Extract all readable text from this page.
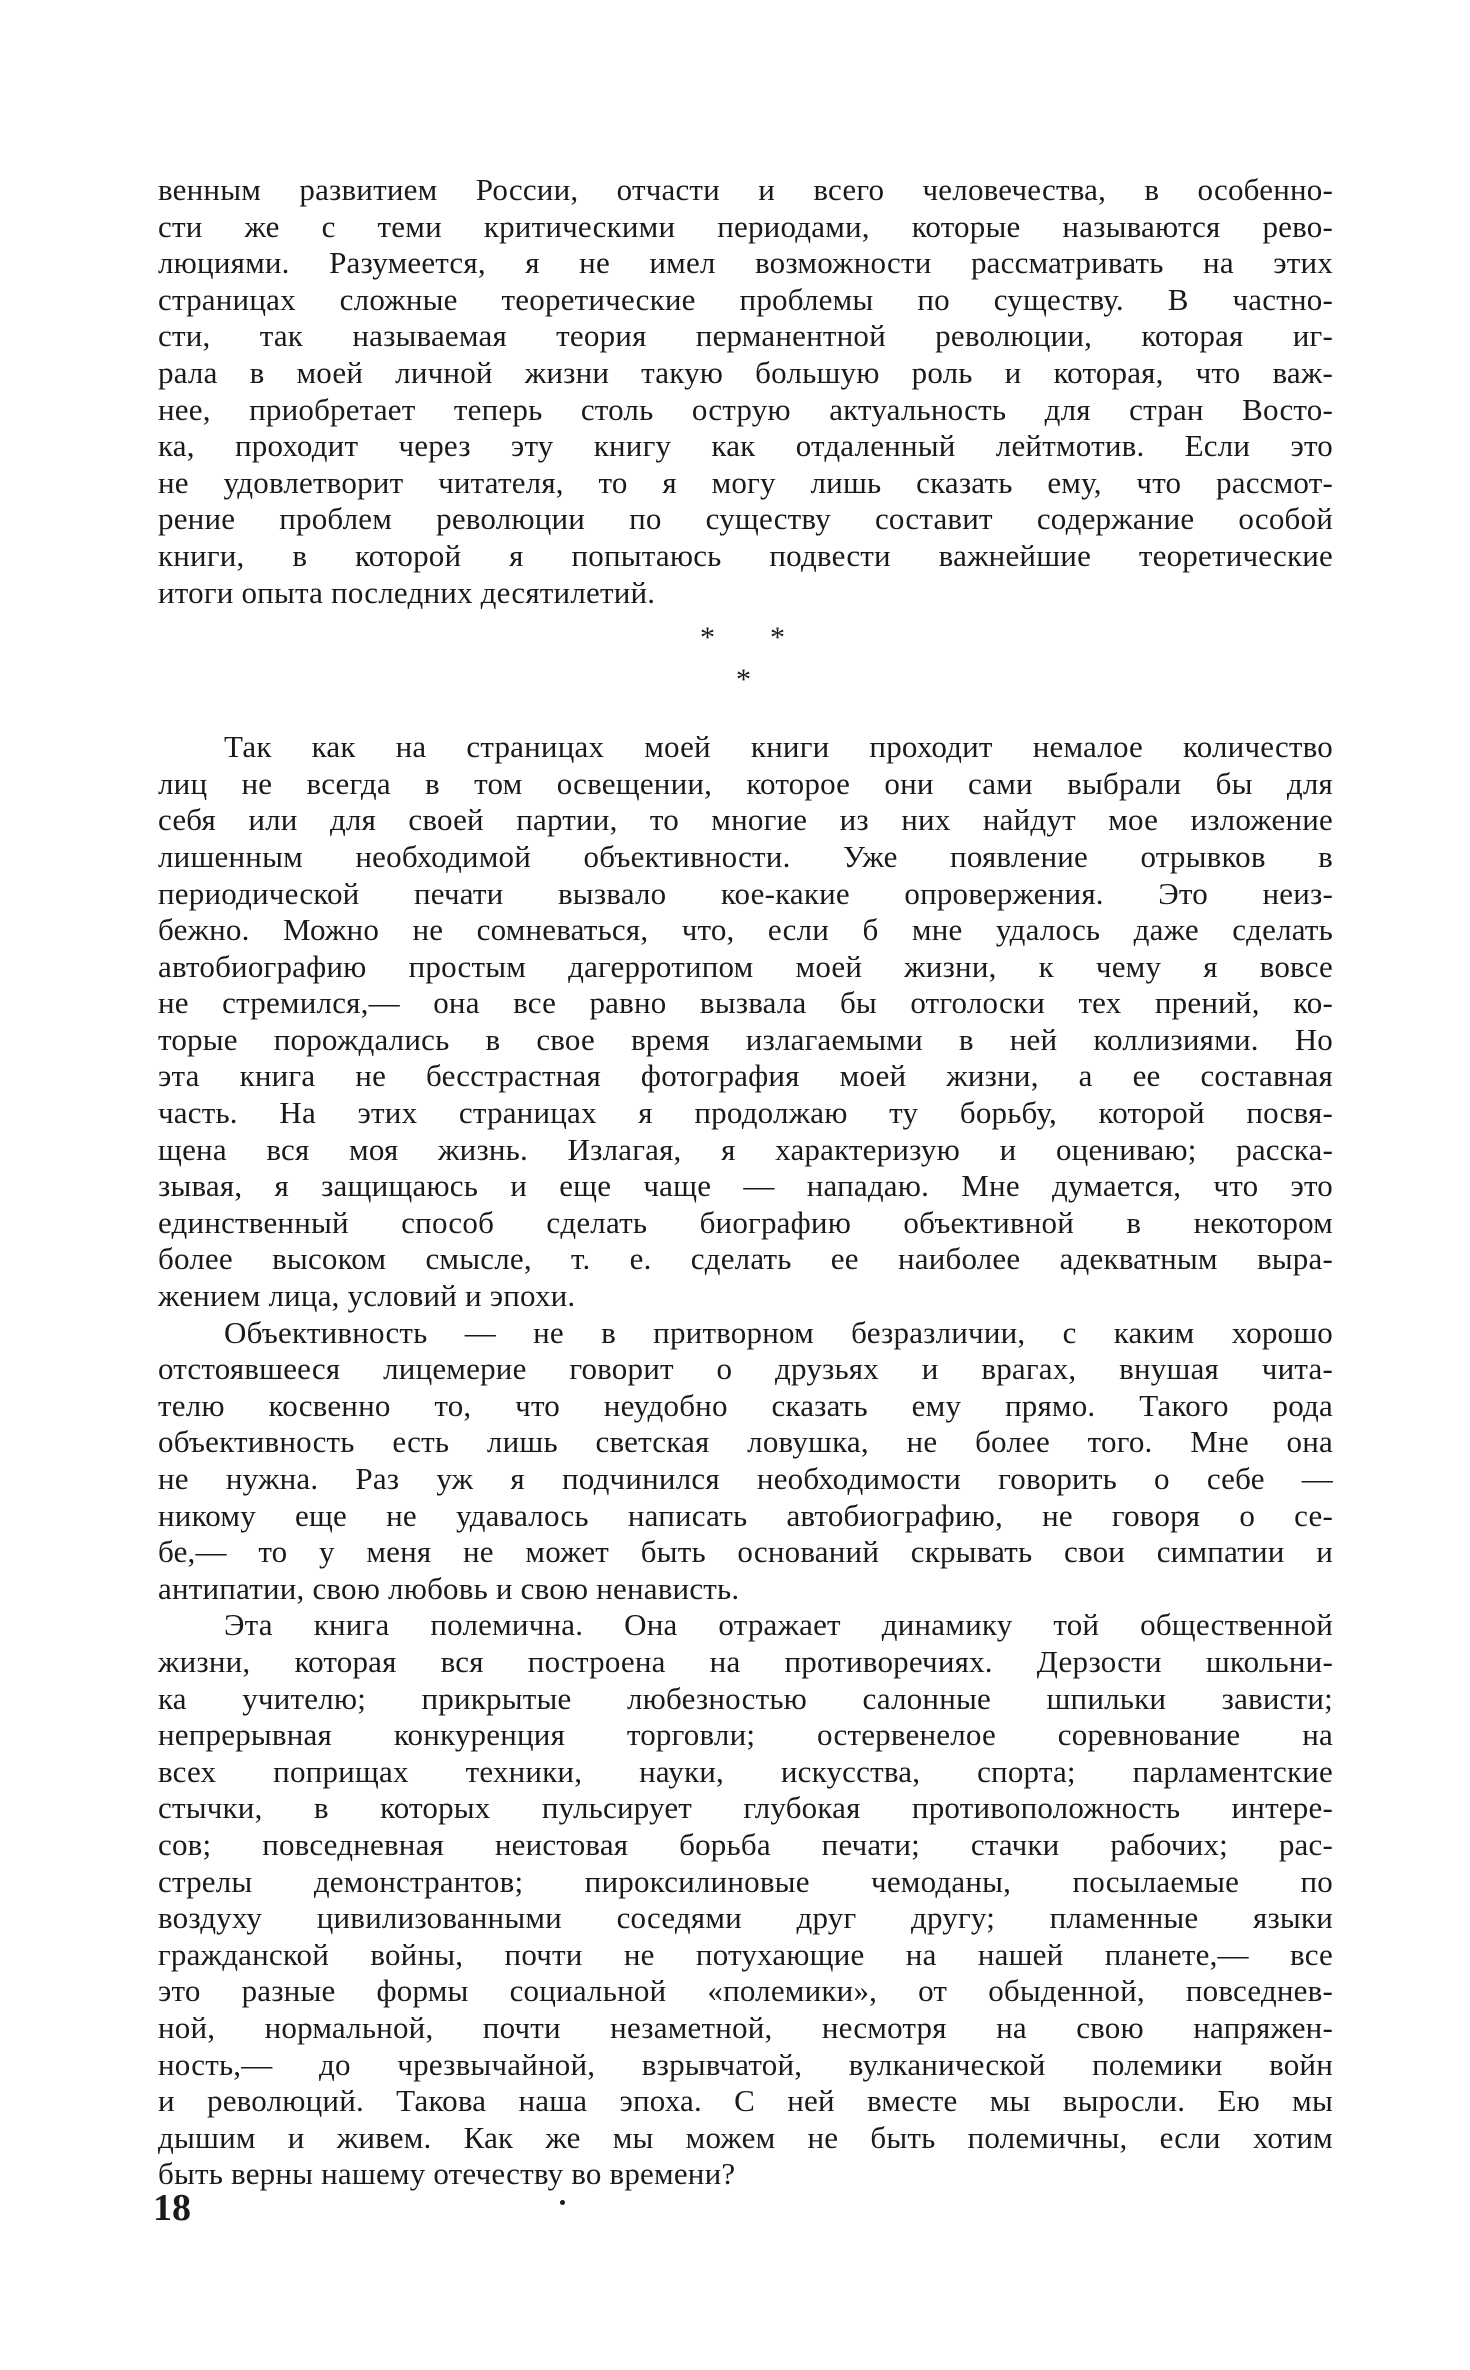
венным развитием России, отчасти и всего человечества, в особенно-
сти же с теми критическими периодами, которые называются рево-
люциями. Разумеется, я не имел возможности рассматривать на этих
страницах сложные теоретические проблемы по существу. В частно-
сти, так называемая теория перманентной революции, которая иг-
рала в моей личной жизни такую большую роль и которая, что важ-
нее, приобретает теперь столь острую актуальность для стран Восто-
ка, проходит через эту книгу как отдаленный лейтмотив. Если это
не удовлетворит читателя, то я могу лишь сказать ему, что рассмот-
рение проблем революции по существу составит содержание особой
книги, в которой я попытаюсь подвести важнейшие теоретические
итоги опыта последних десятилетий.
* *
*
Так как на страницах моей книги проходит немалое количество
лиц не всегда в том освещении, которое они сами выбрали бы для
себя или для своей партии, то многие из них найдут мое изложение
лишенным необходимой объективности. Уже появление отрывков в
периодической печати вызвало кое-какие опровержения. Это неиз-
бежно. Можно не сомневаться, что, если б мне удалось даже сделать
автобиографию простым дагерротипом моей жизни, к чему я вовсе
не стремился,— она все равно вызвала бы отголоски тех прений, ко-
торые порождались в свое время излагаемыми в ней коллизиями. Но
эта книга не бесстрастная фотография моей жизни, а ее составная
часть. На этих страницах я продолжаю ту борьбу, которой посвя-
щена вся моя жизнь. Излагая, я характеризую и оцениваю; расска-
зывая, я защищаюсь и еще чаще — нападаю. Мне думается, что это
единственный способ сделать биографию объективной в некотором
более высоком смысле, т. е. сделать ее наиболее адекватным выра-
жением лица, условий и эпохи.
Объективность — не в притворном безразличии, с каким хорошо
отстоявшееся лицемерие говорит о друзьях и врагах, внушая чита-
телю косвенно то, что неудобно сказать ему прямо. Такого рода
объективность есть лишь светская ловушка, не более того. Мне она
не нужна. Раз уж я подчинился необходимости говорить о себе —
никому еще не удавалось написать автобиографию, не говоря о се-
бе,— то у меня не может быть оснований скрывать свои симпатии и
антипатии, свою любовь и свою ненависть.
Эта книга полемична. Она отражает динамику той общественной
жизни, которая вся построена на противоречиях. Дерзости школьни-
ка учителю; прикрытые любезностью салонные шпильки зависти;
непрерывная конкуренция торговли; остервенелое соревнование на
всех поприщах техники, науки, искусства, спорта; парламентские
стычки, в которых пульсирует глубокая противоположность интере-
сов; повседневная неистовая борьба печати; стачки рабочих; рас-
стрелы демонстрантов; пироксилиновые чемоданы, посылаемые по
воздуху цивилизованными соседями друг другу; пламенные языки
гражданской войны, почти не потухающие на нашей планете,— все
это разные формы социальной «полемики», от обыденной, повседнев-
ной, нормальной, почти незаметной, несмотря на свою напряжен-
ность,— до чрезвычайной, взрывчатой, вулканической полемики войн
и революций. Такова наша эпоха. С ней вместе мы выросли. Ею мы
дышим и живем. Как же мы можем не быть полемичны, если хотим
быть верны нашему отечеству во времени?
18
